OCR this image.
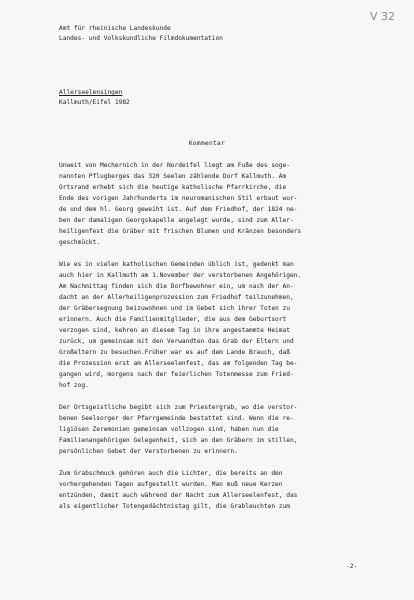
V 32
Amt für rheinische Landeskunde
Landes- und Volkskundliche Filmdokumentation
Allerseelensingen
Kallmuth/Eifel 1982
Kommentar
Unweit von Mechernich in der Nordeifel liegt am Fuße des soge-
nannten Pflugberges das 320 Seelen zählende Dorf Kallmuth. Am
Ortsrand erhebt sich die heutige katholische Pfarrkirche, die
Ende des vorigen Jahrhunderts im neuromanischen Stil erbaut wur-
de und dem hl. Georg geweiht ist. Auf dem Friedhof, der 1824 ne-
ben der damaligen Georgskapelle angelegt wurde, sind zum Aller-
heiligenfest die Gräber mit frischen Blumen und Kränzen besonders
geschmückt.
Wie es in vielen katholischen Gemeinden üblich ist, gedenkt man
auch hier in Kallmuth am 1.November der verstorbenen Angehörigen.
Am Nachmittag finden sich die Dorfbewohner ein, um nach der An-
dacht an der Allerheiligenprozession zum Friedhof teilzunehmen,
der Gräbersegnung beizuwohnen und im Gebet sich ihrer Toten zu
erinnern. Auch die Familienmitglieder, die aus dem Geburtsort
verzogen sind, kehren an diesem Tag in ihre angestammte Heimat
zurück, um gemeinsam mit den Verwandten das Grab der Eltern und
Großeltern zu besuchen.Früher war es auf dem Lande Brauch, daß
die Prozession erst am Allerseelenfest, das am folgenden Tag be-
gangen wird, morgens nach der feierlichen Totenmesse zum Fried-
hof zog.
Der Ortsgeistliche begibt sich zum Priestergrab, wo die verstor-
benen Seelsorger der Pfarrgemeinde bestattet sind. Wenn die re-
ligiösen Zeremonien gemeinsam vollzogen sind, haben nun die
Familienangehörigen Gelegenheit, sich an den Gräbern im stillen,
persönlichen Gebet der Verstorbenen zu erinnern.
Zum Grabschmuck gehören auch die Lichter, die bereits an den
vorhergehenden Tagen aufgestellt wurden. Man muß neue Kerzen
entzünden, damit auch während der Nacht zum Allerseelenfest, das
als eigentlicher Totengedächtnistag gilt, die Grableuchten zum
-2-
